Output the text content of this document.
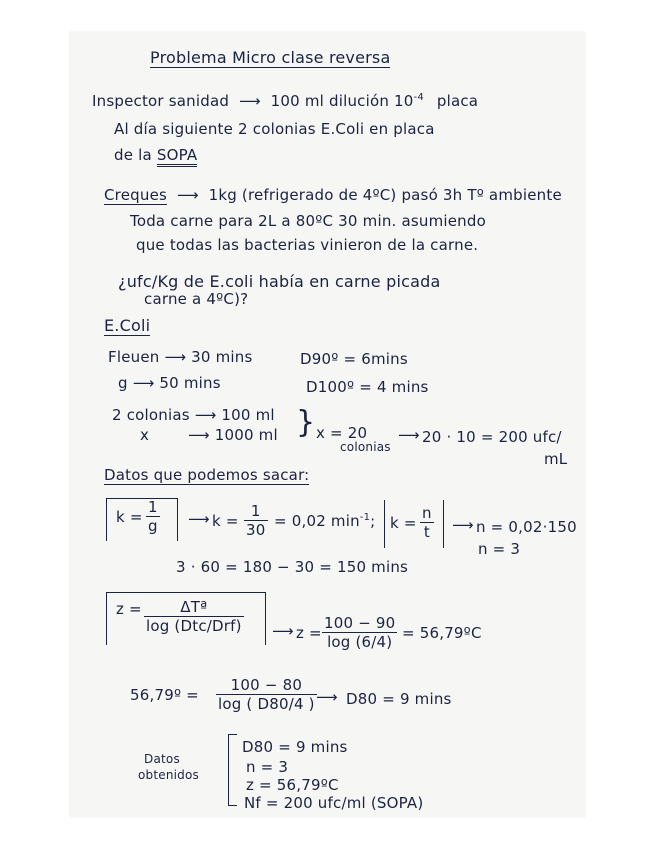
Problema Micro clase reversa
Inspector sanidad  ⟶  100 ml dilución $10^{-4}$ placa
Al día siguiente 2 colonias E.Coli en placa
de la SOPA
Creques  ⟶  1kg (refrigerado de 4ºC) pasó 3h Tº ambiente
Toda carne para 2L a 80ºC 30 min. asumiendo
que todas las bacterias vinieron de la carne.
¿ufc/Kg de E.coli había en carne picada
carne a 4ºC)?
E.Coli
Fleuen ⟶ 30 mins	D90º = 6mins
g ⟶ 50 mins	D100º = 4 mins
2 colonias ⟶ 100 ml
x	⟶ 1000 ml } x = 20
colonias
⟶ 20 · 10 = 200 ufc/
mL
Datos que podemos sacar:
$k = \frac{1}{g}$ ⟶ $k = \frac{1}{30} = 0,02$ $\min^{-1}$; $k = \frac{n}{t}$ ⟶ n = 0,02·150
n = 3
3 · 60 = 180 − 30 = 150 mins
z =	ΔTª
log (Dtc/Drf) ⟶ $z = \frac{100 - 90}{\log (6/4)}$ = 56,79ºC
56,79º = $\frac{100 - 80}{\log ( D80/4 )}$ ⟶ D80 = 9 mins
Datos
obtenidos
D80 = 9 mins
n = 3
z = 56,79ºC
Nf = 200 ufc/ml (SOPA)
